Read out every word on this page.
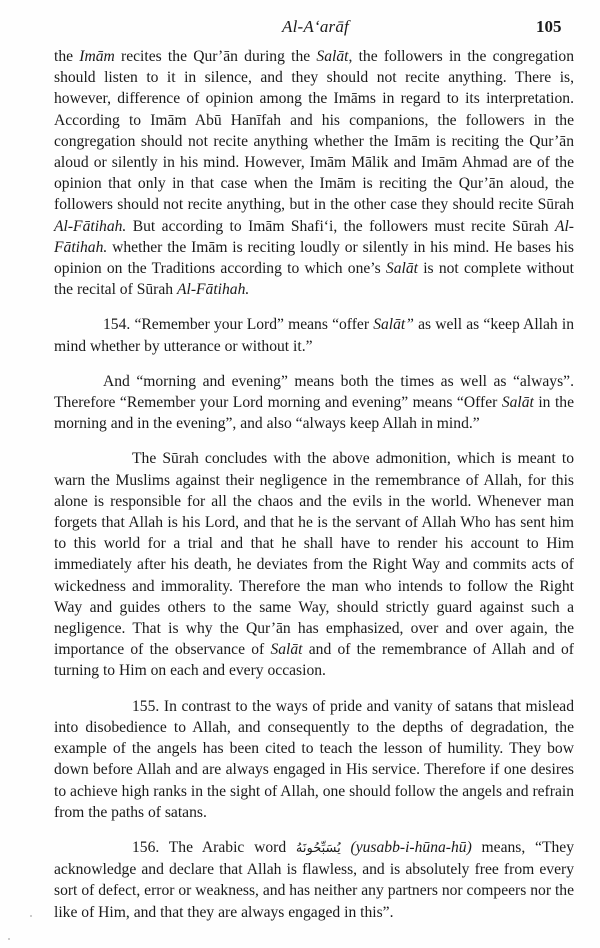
Al-A‘arāf	105

the Imām recites the Qur’ān during the Salāt, the followers in the congregation should listen to it in silence, and they should not recite anything. There is, however, difference of opinion among the Imāms in regard to its interpretation. According to Imām Abū Hanīfah and his companions, the followers in the congregation should not recite anything whether the Imām is reciting the Qur’ān aloud or silently in his mind. However, Imām Mālik and Imām Ahmad are of the opinion that only in that case when the Imām is reciting the Qur’ān aloud, the followers should not recite anything, but in the other case they should recite Sūrah Al-Fātihah. But according to Imām Shafi‘i, the followers must recite Sūrah Al-Fātihah. whether the Imām is reciting loudly or silently in his mind. He bases his opinion on the Traditions according to which one’s Salāt is not complete without the recital of Sūrah Al-Fātihah.

154. “Remember your Lord” means “offer Salāt” as well as “keep Allah in mind whether by utterance or without it.”

And “morning and evening” means both the times as well as “always”. Therefore “Remember your Lord morning and evening” means “Offer Salāt in the morning and in the evening”, and also “always keep Allah in mind.”

The Sūrah concludes with the above admonition, which is meant to warn the Muslims against their negligence in the remembrance of Allah, for this alone is responsible for all the chaos and the evils in the world. Whenever man forgets that Allah is his Lord, and that he is the servant of Allah Who has sent him to this world for a trial and that he shall have to render his account to Him immediately after his death, he deviates from the Right Way and commits acts of wickedness and immorality. Therefore the man who intends to follow the Right Way and guides others to the same Way, should strictly guard against such a negligence. That is why the Qur’ān has emphasized, over and over again, the importance of the observance of Salāt and of the remembrance of Allah and of turning to Him on each and every occasion.

155. In contrast to the ways of pride and vanity of satans that mislead into disobedience to Allah, and consequently to the depths of degradation, the example of the angels has been cited to teach the lesson of humility. They bow down before Allah and are always engaged in His service. Therefore if one desires to achieve high ranks in the sight of Allah, one should follow the angels and refrain from the paths of satans.

156. The Arabic word يُسَبِّحُونَهُ (yusabb-i-hūna-hū) means, “They acknowledge and declare that Allah is flawless, and is absolutely free from every sort of defect, error or weakness, and has neither any partners nor compeers nor the like of Him, and that they are always engaged in this”.
